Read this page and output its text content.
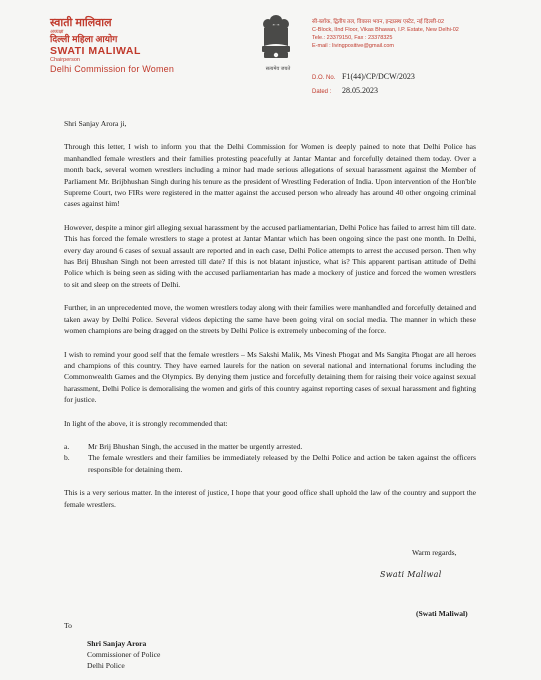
स्वाती मालिवाल
अध्यक्षा
दिल्ली महिला आयोग
SWATI MALIWAL
Chairperson
Delhi Commission for Women	सत्यमेव जयते
सी-ब्लॉक, द्वितीय तल, विकास भवन, इन्द्रप्रस्थ एस्टेट, नई दिल्ली-02
C-Block, IInd Floor, Vikas Bhawan, I.P. Estate, New Delhi-02
Tele.: 23379150, Fax : 23378325
E-mail : livingpositive@gmail.com
D.O. No. F1(44)/CP/DCW/2023
Dated :	28.05.2023

Shri Sanjay Arora ji,

Through this letter, I wish to inform you that the Delhi Commission for Women is deeply pained to note that Delhi Police has manhandled female wrestlers and their families protesting peacefully at Jantar Mantar and forcefully detained them today. Over a month back, several women wrestlers including a minor had made serious allegations of sexual harassment against the Member of Parliament Mr. Brijbhushan Singh during his tenure as the president of Wrestling Federation of India. Upon intervention of the Hon'ble Supreme Court, two FIRs were registered in the matter against the accused person who already has around 40 other ongoing criminal cases against him!

However, despite a minor girl alleging sexual harassment by the accused parliamentarian, Delhi Police has failed to arrest him till date. This has forced the female wrestlers to stage a protest at Jantar Mantar which has been ongoing since the past one month. In Delhi, every day around 6 cases of sexual assault are reported and in each case, Delhi Police attempts to arrest the accused person. Then why has Brij Bhushan Singh not been arrested till date? If this is not blatant injustice, what is? This apparent partisan attitude of Delhi Police which is being seen as siding with the accused parliamentarian has made a mockery of justice and forced the women wrestlers to sit and sleep on the streets of Delhi.

Further, in an unprecedented move, the women wrestlers today along with their families were manhandled and forcefully detained and taken away by Delhi Police. Several videos depicting the same have been going viral on social media. The manner in which these women champions are being dragged on the streets by Delhi Police is extremely unbecoming of the force.

I wish to remind your good self that the female wrestlers – Ms Sakshi Malik, Ms Vinesh Phogat and Ms Sangita Phogat are all heroes and champions of this country. They have earned laurels for the nation on several national and international forums including the Commonwealth Games and the Olympics. By denying them justice and forcefully detaining them for raising their voice against sexual harassment, Delhi Police is demoralising the women and girls of this country against reporting cases of sexual harassment and fighting for justice.

In light of the above, it is strongly recommended that:

a.	Mr Brij Bhushan Singh, the accused in the matter be urgently arrested.
b.	The female wrestlers and their families be immediately released by the Delhi Police and action be taken against the officers responsible for detaining them.

This is a very serious matter. In the interest of justice, I hope that your good office shall uphold the law of the country and support the female wrestlers.

Warm regards,
Swati Maliwal
(Swati Maliwal)
To
Shri Sanjay Arora
Commissioner of Police
Delhi Police
